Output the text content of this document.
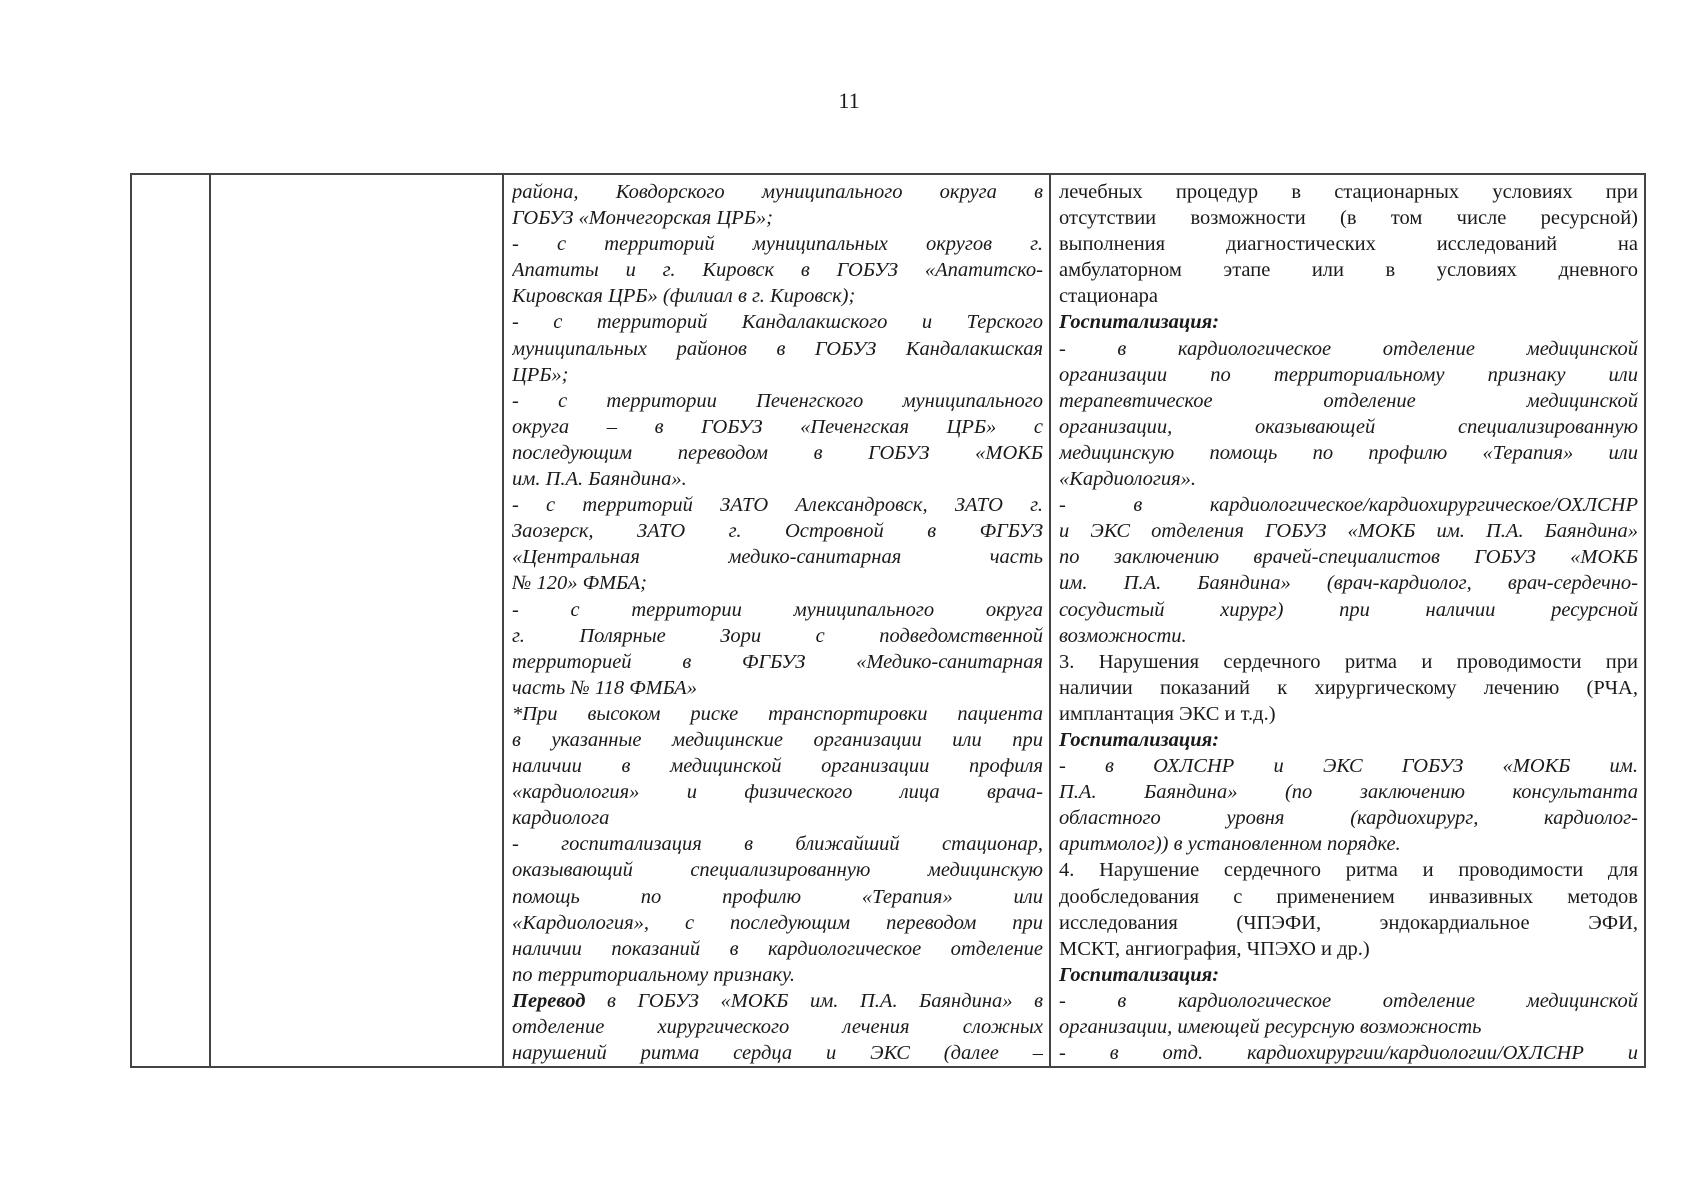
11

района, Ковдорского муниципального округа в
ГОБУЗ «Мончегорская ЦРБ»;
- с территорий муниципальных округов г.
Апатиты и г. Кировск в ГОБУЗ «Апатитско-
Кировская ЦРБ» (филиал в г. Кировск);
- с территорий Кандалакшского и Терского
муниципальных районов в ГОБУЗ Кандалакшская
ЦРБ»;
- с территории Печенгского муниципального
округа – в ГОБУЗ «Печенгская ЦРБ» с
последующим переводом в ГОБУЗ «МОКБ
им. П.А. Баяндина».
- с территорий ЗАТО Александровск, ЗАТО г.
Заозерск, ЗАТО г. Островной в ФГБУЗ
«Центральная медико-санитарная часть
№ 120» ФМБА;
- с территории муниципального округа
г. Полярные Зори с подведомственной
территорией в ФГБУЗ «Медико-санитарная
часть № 118 ФМБА»
*При высоком риске транспортировки пациента
в указанные медицинские организации или при
наличии в медицинской организации профиля
«кардиология» и физического лица врача-
кардиолога
- госпитализация в ближайший стационар,
оказывающий специализированную медицинскую
помощь по профилю «Терапия» или
«Кардиология», с последующим переводом при
наличии показаний в кардиологическое отделение
по территориальному признаку.
Перевод в ГОБУЗ «МОКБ им. П.А. Баяндина» в
отделение хирургического лечения сложных
нарушений ритма сердца и ЭКС (далее –

лечебных процедур в стационарных условиях при
отсутствии возможности (в том числе ресурсной)
выполнения диагностических исследований на
амбулаторном этапе или в условиях дневного
стационара
Госпитализация:
- в кардиологическое отделение медицинской
организации по территориальному признаку или
терапевтическое отделение медицинской
организации, оказывающей специализированную
медицинскую помощь по профилю «Терапия» или
«Кардиология».
- в кардиологическое/кардиохирургическое/ОХЛСНР
и ЭКС отделения ГОБУЗ «МОКБ им. П.А. Баяндина»
по заключению врачей-специалистов ГОБУЗ «МОКБ
им. П.А. Баяндина» (врач-кардиолог, врач-сердечно-
сосудистый хирург) при наличии ресурсной
возможности.
3. Нарушения сердечного ритма и проводимости при
наличии показаний к хирургическому лечению (РЧА,
имплантация ЭКС и т.д.)
Госпитализация:
- в ОХЛСНР и ЭКС ГОБУЗ «МОКБ им.
П.А. Баяндина» (по заключению консультанта
областного уровня (кардиохирург, кардиолог-
аритмолог)) в установленном порядке.
4. Нарушение сердечного ритма и проводимости для
дообследования с применением инвазивных методов
исследования (ЧПЭФИ, эндокардиальное ЭФИ,
МСКТ, ангиография, ЧПЭХО и др.)
Госпитализация:
- в кардиологическое отделение медицинской
организации, имеющей ресурсную возможность
- в отд. кардиохирургии/кардиологии/ОХЛСНР и
